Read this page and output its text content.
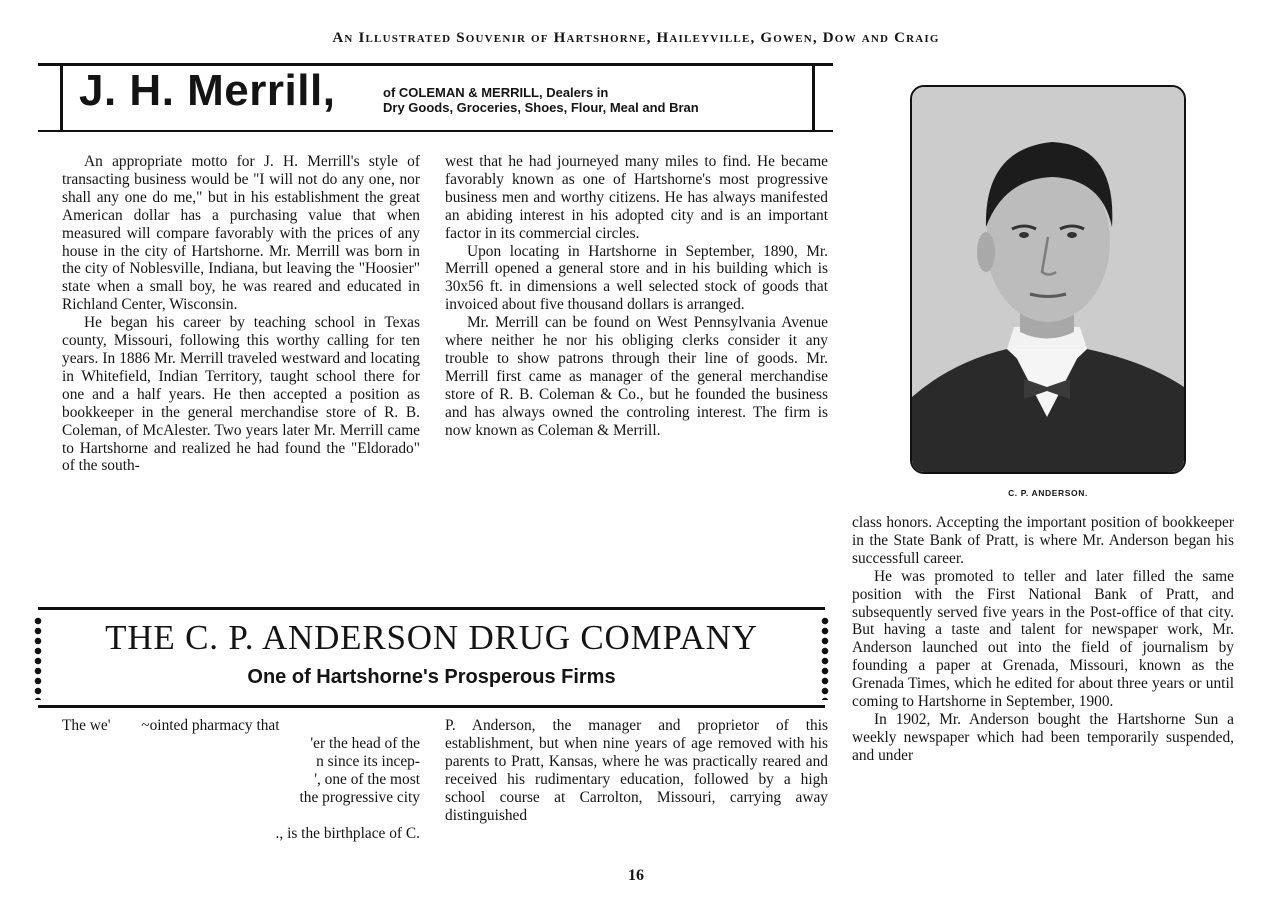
An Illustrated Souvenir of Hartshorne, Haileyville, Gowen, Dow and Craig
J. H. Merrill,	of COLEMAN & MERRILL, Dealers in
Dry Goods, Groceries, Shoes, Flour, Meal and Bran

An appropriate motto for J. H. Merrill's style of transacting business would be "I will not do any one, nor shall any one do me," but in his establishment the great American dollar has a purchasing value that when measured will compare favorably with the prices of any house in the city of Hartshorne. Mr. Merrill was born in the city of Noblesville, Indiana, but leaving the "Hoosier" state when a small boy, he was reared and educated in Richland Center, Wisconsin.

He began his career by teaching school in Texas county, Missouri, following this worthy calling for ten years. In 1886 Mr. Merrill traveled westward and locating in Whitefield, Indian Territory, taught school there for one and a half years. He then accepted a position as bookkeeper in the general merchandise store of R. B. Coleman, of McAlester. Two years later Mr. Merrill came to Hartshorne and realized he had found the "Eldorado" of the south-

west that he had journeyed many miles to find. He became favorably known as one of Hartshorne's most progressive business men and worthy citizens. He has always manifested an abiding interest in his adopted city and is an important factor in its commercial circles.

Upon locating in Hartshorne in September, 1890, Mr. Merrill opened a general store and in his building which is 30x56 ft. in dimensions a well selected stock of goods that invoiced about five thousand dollars is arranged.

Mr. Merrill can be found on West Pennsylvania Avenue where neither he nor his obliging clerks consider it any trouble to show patrons through their line of goods. Mr. Merrill first came as manager of the general merchandise store of R. B. Coleman & Co., but he founded the business and has always owned the controling interest. The firm is now known as Coleman & Merrill.

THE C. P. ANDERSON DRUG COMPANY
One of Hartshorne's Prosperous Firms
The we'        ~ointed pharmacy that
'er the head of the
n since its incep-
', one of the most
the progressive city
., is the birthplace of C.

P. Anderson, the manager and proprietor of this establishment, but when nine years of age removed with his parents to Pratt, Kansas, where he was practically reared and received his rudimentary education, followed by a high school course at Carrolton, Missouri, carrying away distinguished

C. P. ANDERSON.

class honors. Accepting the important position of bookkeeper in the State Bank of Pratt, is where Mr. Anderson began his successfull career.

He was promoted to teller and later filled the same position with the First National Bank of Pratt, and subsequently served five years in the Post-office of that city. But having a taste and talent for newspaper work, Mr. Anderson launched out into the field of journalism by founding a paper at Grenada, Missouri, known as the Grenada Times, which he edited for about three years or until coming to Hartshorne in September, 1900.

In 1902, Mr. Anderson bought the Hartshorne Sun a weekly newspaper which had been temporarily suspended, and under

16
